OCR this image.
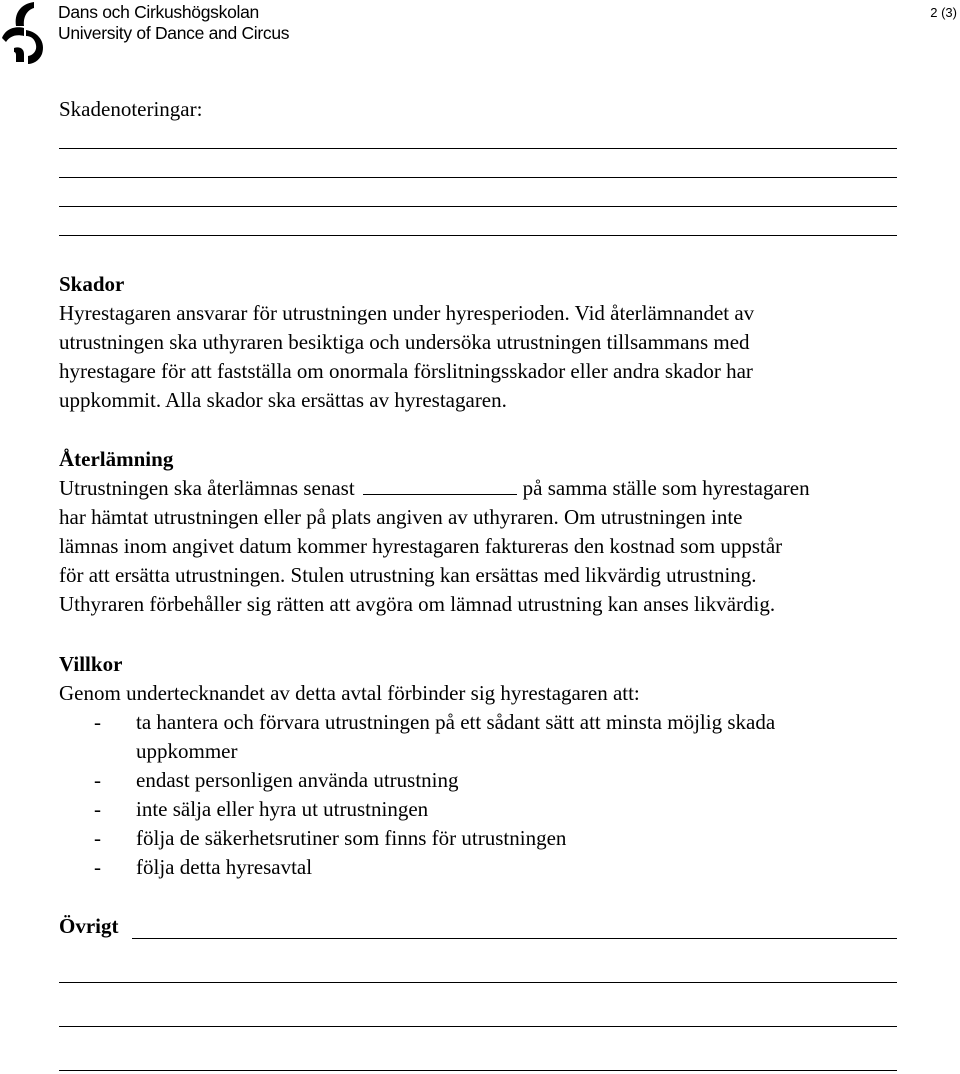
Dans och Cirkushögskolan
University of Dance and Circus
2 (3)
Skadenoteringar:
Skador
Hyrestagaren ansvarar för utrustningen under hyresperioden. Vid återlämnandet av
utrustningen ska uthyraren besiktiga och undersöka utrustningen tillsammans med
hyrestagare för att fastställa om onormala förslitningsskador eller andra skador har
uppkommit. Alla skador ska ersättas av hyrestagaren.
Återlämning
Utrustningen ska återlämnas senast	på samma ställe som hyrestagaren
har hämtat utrustningen eller på plats angiven av uthyraren. Om utrustningen inte
lämnas inom angivet datum kommer hyrestagaren faktureras den kostnad som uppstår
för att ersätta utrustningen. Stulen utrustning kan ersättas med likvärdig utrustning.
Uthyraren förbehåller sig rätten att avgöra om lämnad utrustning kan anses likvärdig.
Villkor
Genom undertecknandet av detta avtal förbinder sig hyrestagaren att:
- ta hantera och förvara utrustningen på ett sådant sätt att minsta möjlig skada
uppkommer
- endast personligen använda utrustning
- inte sälja eller hyra ut utrustningen
- följa de säkerhetsrutiner som finns för utrustningen
- följa detta hyresavtal
Övrigt
